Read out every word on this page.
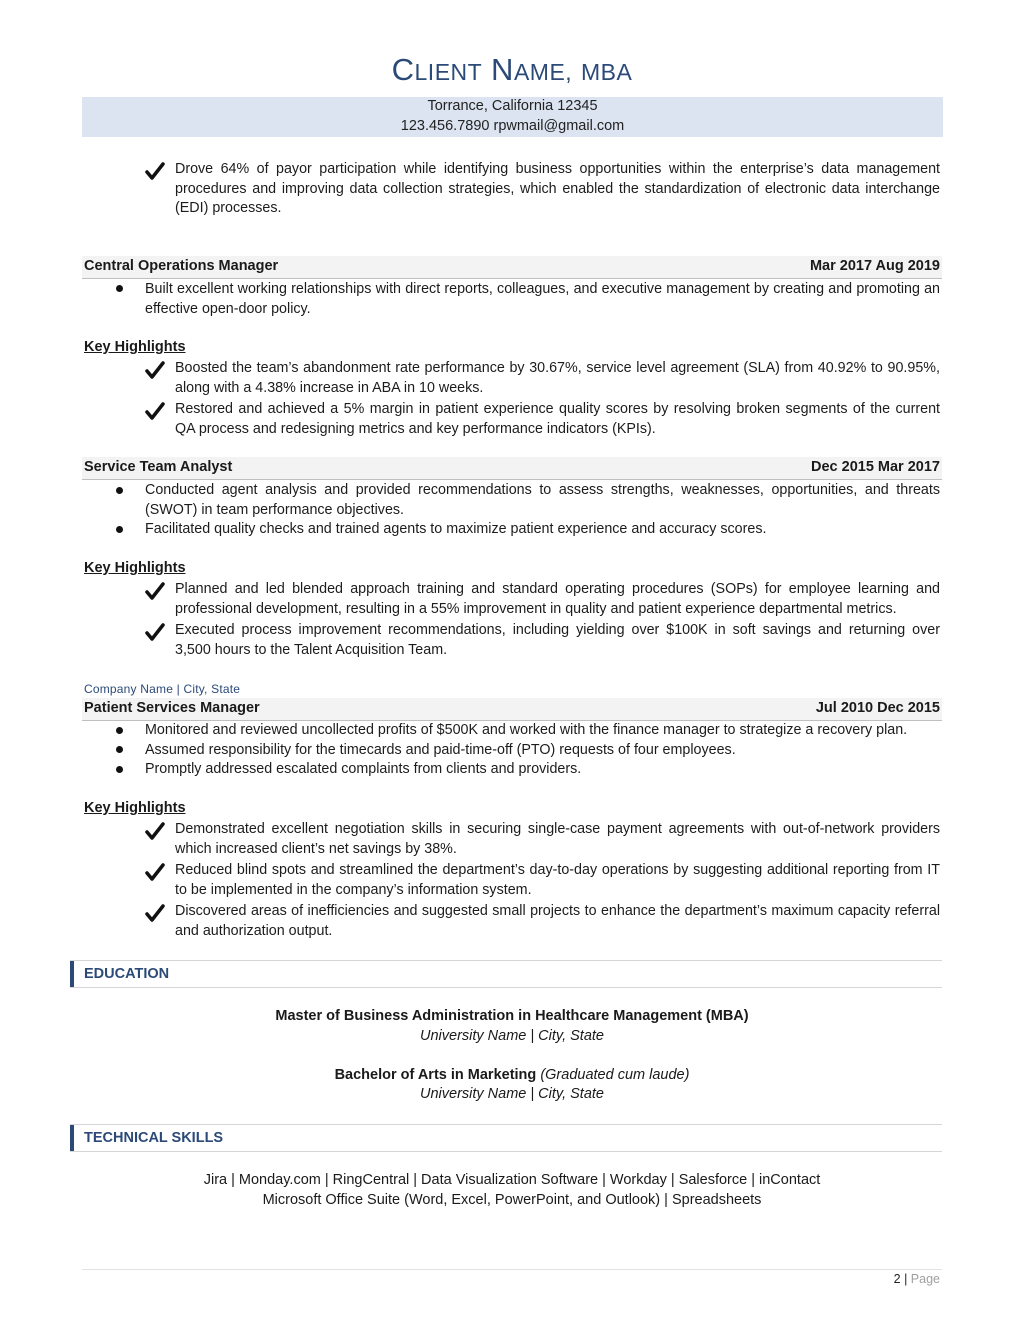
CLIENT NAME, MBA
Torrance, California 12345
123.456.7890 rpwmail@gmail.com
Drove 64% of payor participation while identifying business opportunities within the enterprise’s data management procedures and improving data collection strategies, which enabled the standardization of electronic data interchange (EDI) processes.
Central Operations Manager	Mar 2017 Aug 2019
Built excellent working relationships with direct reports, colleagues, and executive management by creating and promoting an effective open-door policy.
Key Highlights
Boosted the team’s abandonment rate performance by 30.67%, service level agreement (SLA) from 40.92% to 90.95%, along with a 4.38% increase in ABA in 10 weeks.
Restored and achieved a 5% margin in patient experience quality scores by resolving broken segments of the current QA process and redesigning metrics and key performance indicators (KPIs).
Service Team Analyst	Dec 2015 Mar 2017
Conducted agent analysis and provided recommendations to assess strengths, weaknesses, opportunities, and threats (SWOT) in team performance objectives.
Facilitated quality checks and trained agents to maximize patient experience and accuracy scores.
Key Highlights
Planned and led blended approach training and standard operating procedures (SOPs) for employee learning and professional development, resulting in a 55% improvement in quality and patient experience departmental metrics.
Executed process improvement recommendations, including yielding over $100K in soft savings and returning over 3,500 hours to the Talent Acquisition Team.
Company Name | City, State
Patient Services Manager	Jul 2010 Dec 2015
Monitored and reviewed uncollected profits of $500K and worked with the finance manager to strategize a recovery plan.
Assumed responsibility for the timecards and paid-time-off (PTO) requests of four employees.
Promptly addressed escalated complaints from clients and providers.
Key Highlights
Demonstrated excellent negotiation skills in securing single-case payment agreements with out-of-network providers which increased client’s net savings by 38%.
Reduced blind spots and streamlined the department’s day-to-day operations by suggesting additional reporting from IT to be implemented in the company’s information system.
Discovered areas of inefficiencies and suggested small projects to enhance the department’s maximum capacity referral and authorization output.
EDUCATION
Master of Business Administration in Healthcare Management (MBA)
University Name | City, State
Bachelor of Arts in Marketing (Graduated cum laude)
University Name | City, State
TECHNICAL SKILLS
Jira | Monday.com | RingCentral | Data Visualization Software | Workday | Salesforce | inContact
Microsoft Office Suite (Word, Excel, PowerPoint, and Outlook) | Spreadsheets
2 | Page
